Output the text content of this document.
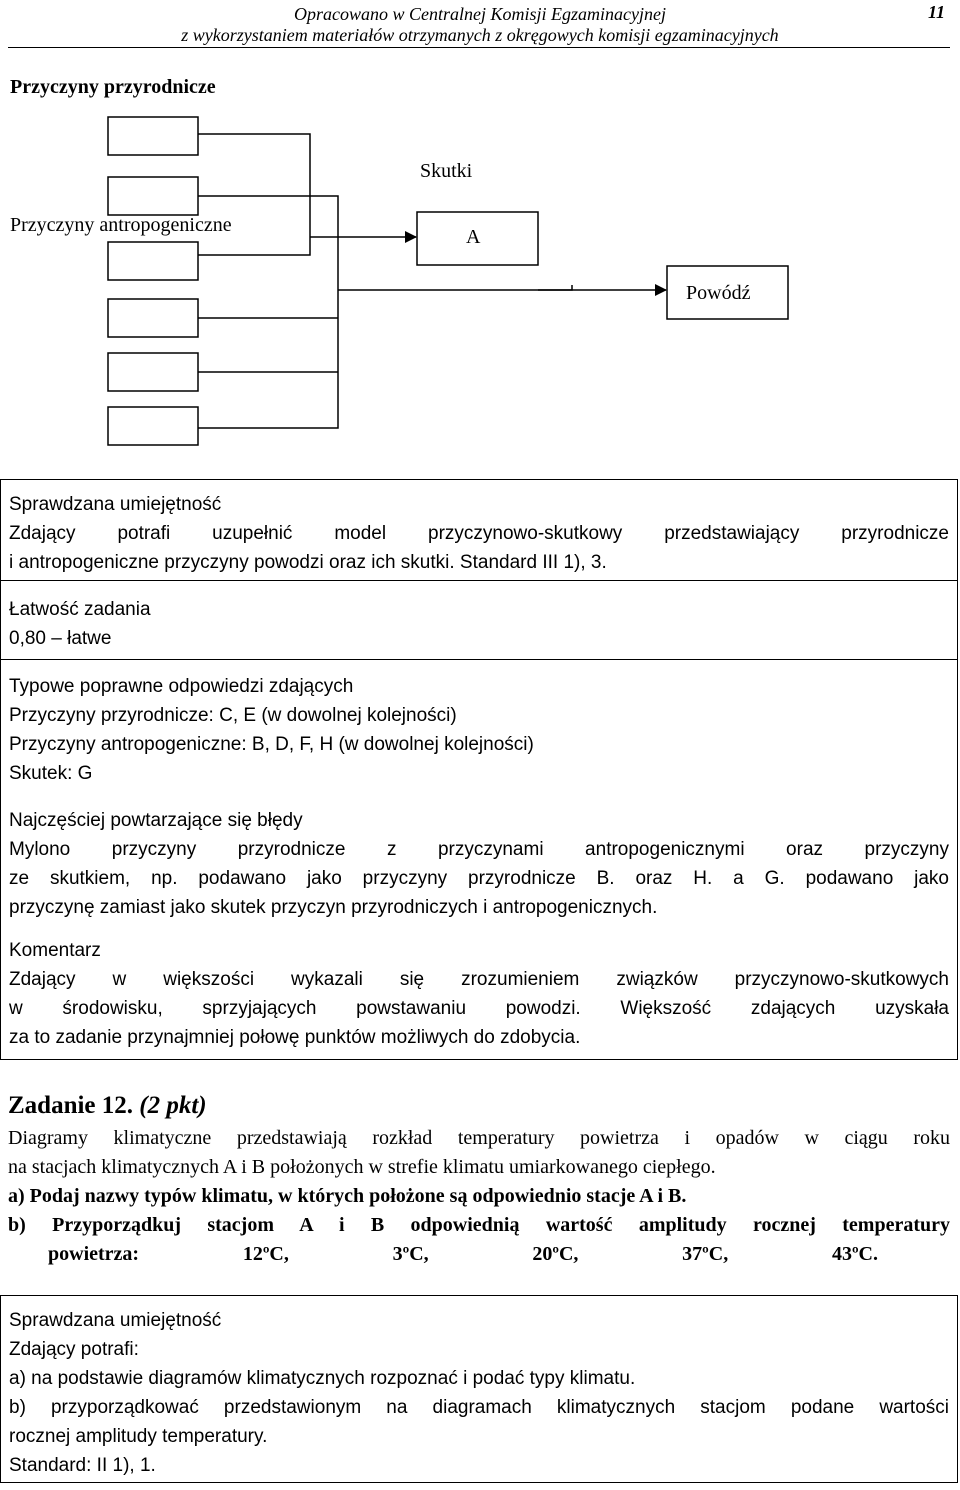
Opracowano w Centralnej Komisji Egzaminacyjnej
z wykorzystaniem materiałów otrzymanych z okręgowych komisji egzaminacyjnych
11
Przyczyny przyrodnicze
Przyczyny antropogeniczne
Skutki
A
Powódź
Sprawdzana umiejętność
Zdający potrafi uzupełnić model przyczynowo-skutkowy przedstawiający przyrodnicze
i antropogeniczne przyczyny powodzi oraz ich skutki. Standard III 1), 3.
Łatwość zadania
0,80 – łatwe
Typowe poprawne odpowiedzi zdających
Przyczyny przyrodnicze: C, E (w dowolnej kolejności)
Przyczyny antropogeniczne: B, D, F, H (w dowolnej kolejności)
Skutek: G
Najczęściej powtarzające się błędy
Mylono przyczyny przyrodnicze z przyczynami antropogenicznymi oraz przyczyny
ze skutkiem, np. podawano jako przyczyny przyrodnicze B. oraz H. a G. podawano jako
przyczynę zamiast jako skutek przyczyn przyrodniczych i antropogenicznych.
Komentarz
Zdający w większości wykazali się zrozumieniem związków przyczynowo-skutkowych
w środowisku, sprzyjających powstawaniu powodzi. Większość zdających uzyskała
za to zadanie przynajmniej połowę punktów możliwych do zdobycia.
Zadanie 12. (2 pkt)
Diagramy klimatyczne przedstawiają rozkład temperatury powietrza i opadów w ciągu roku
na stacjach klimatycznych A i B położonych w strefie klimatu umiarkowanego ciepłego.
a) Podaj nazwy typów klimatu, w których położone są odpowiednio stacje A i B.
b) Przyporządkuj stacjom A i B odpowiednią wartość amplitudy rocznej temperatury
powietrza:	12ºC,	3ºC,	20ºC,	37ºC,	43ºC.
Sprawdzana umiejętność
Zdający potrafi:
a) na podstawie diagramów klimatycznych rozpoznać i podać typy klimatu.
b) przyporządkować przedstawionym na diagramach klimatycznych stacjom podane wartości
rocznej amplitudy temperatury.
Standard: II 1), 1.
